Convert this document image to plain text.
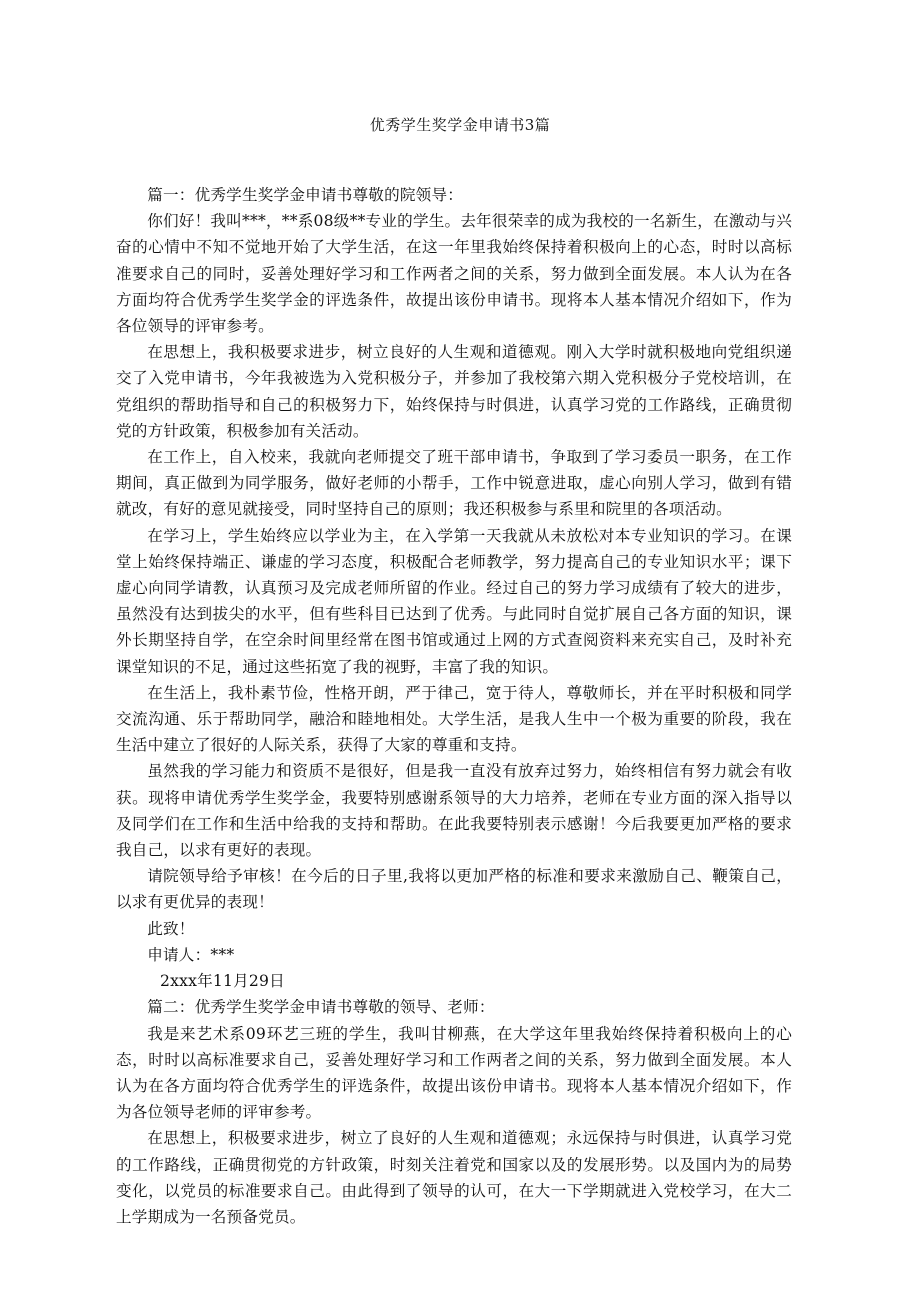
优秀学生奖学金申请书3篇

篇一：优秀学生奖学金申请书尊敬的院领导：

你们好！我叫***，**系08级**专业的学生。去年很荣幸的成为我校的一名新生，在激动与兴奋的心情中不知不觉地开始了大学生活，在这一年里我始终保持着积极向上的心态，时时以高标准要求自己的同时，妥善处理好学习和工作两者之间的关系，努力做到全面发展。本人认为在各方面均符合优秀学生奖学金的评选条件，故提出该份申请书。现将本人基本情况介绍如下，作为各位领导的评审参考。

在思想上，我积极要求进步，树立良好的人生观和道德观。刚入大学时就积极地向党组织递交了入党申请书，今年我被选为入党积极分子，并参加了我校第六期入党积极分子党校培训，在党组织的帮助指导和自己的积极努力下，始终保持与时俱进，认真学习党的工作路线，正确贯彻党的方针政策，积极参加有关活动。

在工作上，自入校来，我就向老师提交了班干部申请书，争取到了学习委员一职务，在工作期间，真正做到为同学服务，做好老师的小帮手，工作中锐意进取，虚心向别人学习，做到有错就改，有好的意见就接受，同时坚持自己的原则；我还积极参与系里和院里的各项活动。

在学习上，学生始终应以学业为主，在入学第一天我就从未放松对本专业知识的学习。在课堂上始终保持端正、谦虚的学习态度，积极配合老师教学，努力提高自己的专业知识水平；课下虚心向同学请教，认真预习及完成老师所留的作业。经过自己的努力学习成绩有了较大的进步，虽然没有达到拔尖的水平，但有些科目已达到了优秀。与此同时自觉扩展自己各方面的知识，课外长期坚持自学，在空余时间里经常在图书馆或通过上网的方式查阅资料来充实自己，及时补充课堂知识的不足，通过这些拓宽了我的视野，丰富了我的知识。

在生活上，我朴素节俭，性格开朗，严于律己，宽于待人，尊敬师长，并在平时积极和同学交流沟通、乐于帮助同学，融洽和睦地相处。大学生活，是我人生中一个极为重要的阶段，我在生活中建立了很好的人际关系，获得了大家的尊重和支持。

虽然我的学习能力和资质不是很好，但是我一直没有放弃过努力，始终相信有努力就会有收获。现将申请优秀学生奖学金，我要特别感谢系领导的大力培养，老师在专业方面的深入指导以及同学们在工作和生活中给我的支持和帮助。在此我要特别表示感谢！今后我要更加严格的要求我自己，以求有更好的表现。

请院领导给予审核！在今后的日子里,我将以更加严格的标准和要求来激励自己、鞭策自己，以求有更优异的表现！

此致！

申请人：***

2xxx年11月29日

篇二：优秀学生奖学金申请书尊敬的领导、老师：

我是来艺术系09环艺三班的学生，我叫甘柳燕，在大学这年里我始终保持着积极向上的心态，时时以高标准要求自己，妥善处理好学习和工作两者之间的关系，努力做到全面发展。本人认为在各方面均符合优秀学生的评选条件，故提出该份申请书。现将本人基本情况介绍如下，作为各位领导老师的评审参考。

在思想上，积极要求进步，树立了良好的人生观和道德观；永远保持与时俱进，认真学习党的工作路线，正确贯彻党的方针政策，时刻关注着党和国家以及的发展形势。以及国内为的局势变化，以党员的标准要求自己。由此得到了领导的认可，在大一下学期就进入党校学习，在大二上学期成为一名预备党员。
